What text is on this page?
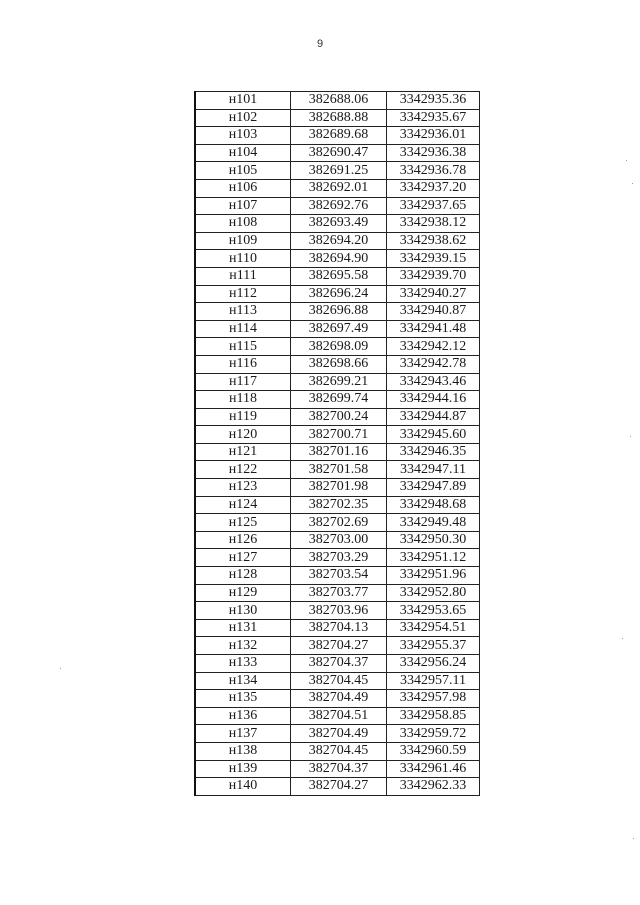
9
н101	382688.06	3342935.36
н102	382688.88	3342935.67
н103	382689.68	3342936.01
н104	382690.47	3342936.38
н105	382691.25	3342936.78
н106	382692.01	3342937.20
н107	382692.76	3342937.65
н108	382693.49	3342938.12
н109	382694.20	3342938.62
н110	382694.90	3342939.15
н111	382695.58	3342939.70
н112	382696.24	3342940.27
н113	382696.88	3342940.87
н114	382697.49	3342941.48
н115	382698.09	3342942.12
н116	382698.66	3342942.78
н117	382699.21	3342943.46
н118	382699.74	3342944.16
н119	382700.24	3342944.87
н120	382700.71	3342945.60
н121	382701.16	3342946.35
н122	382701.58	3342947.11
н123	382701.98	3342947.89
н124	382702.35	3342948.68
н125	382702.69	3342949.48
н126	382703.00	3342950.30
н127	382703.29	3342951.12
н128	382703.54	3342951.96
н129	382703.77	3342952.80
н130	382703.96	3342953.65
н131	382704.13	3342954.51
н132	382704.27	3342955.37
н133	382704.37	3342956.24
н134	382704.45	3342957.11
н135	382704.49	3342957.98
н136	382704.51	3342958.85
н137	382704.49	3342959.72
н138	382704.45	3342960.59
н139	382704.37	3342961.46
н140	382704.27	3342962.33
